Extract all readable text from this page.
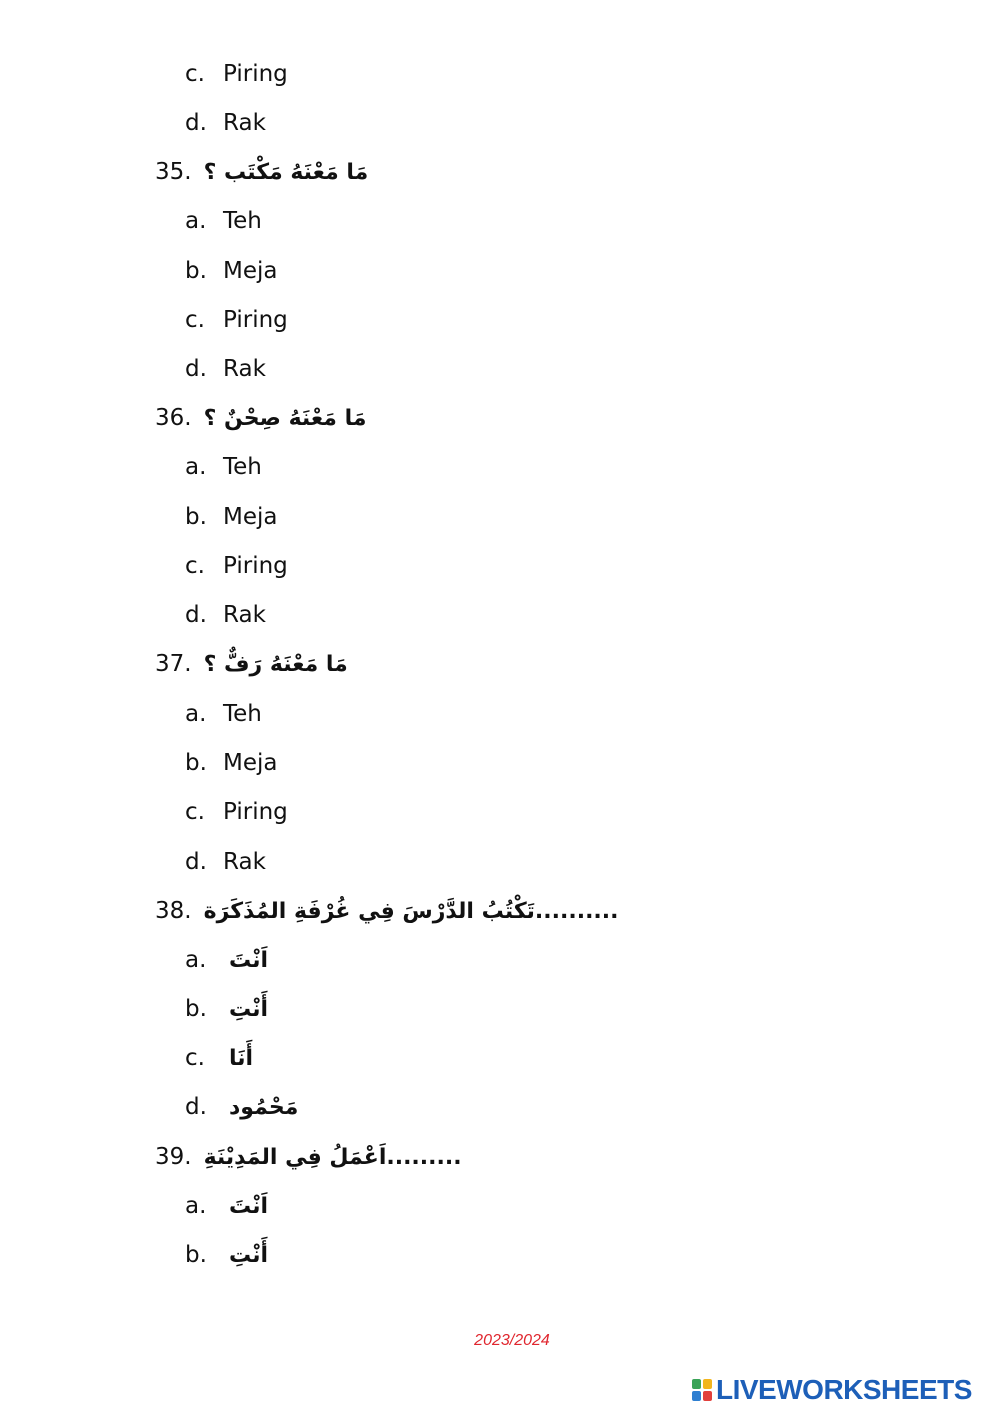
c. Piring
d. Rak
35. مَا مَعْنَهُ مَكْتَب ؟
a. Teh
b. Meja
c. Piring
d. Rak
36. مَا مَعْنَهُ صِحْنٌ ؟
a. Teh
b. Meja
c. Piring
d. Rak
37. مَا مَعْنَهُ رَفٌّ ؟
a. Teh
b. Meja
c. Piring
d. Rak
38. ..........تَكْتُبُ الدَّرْسَ فِي غُرْفَةِ المُذَكَرَة
a. اَنْتَ
b. أَنْتِ
c. أَنَا
d. مَحْمُود
39. .........اَعْمَلُ فِي المَدِيْنَةِ
a. اَنْتَ
b. أَنْتِ
2023/2024
LIVEWORKSHEETS
